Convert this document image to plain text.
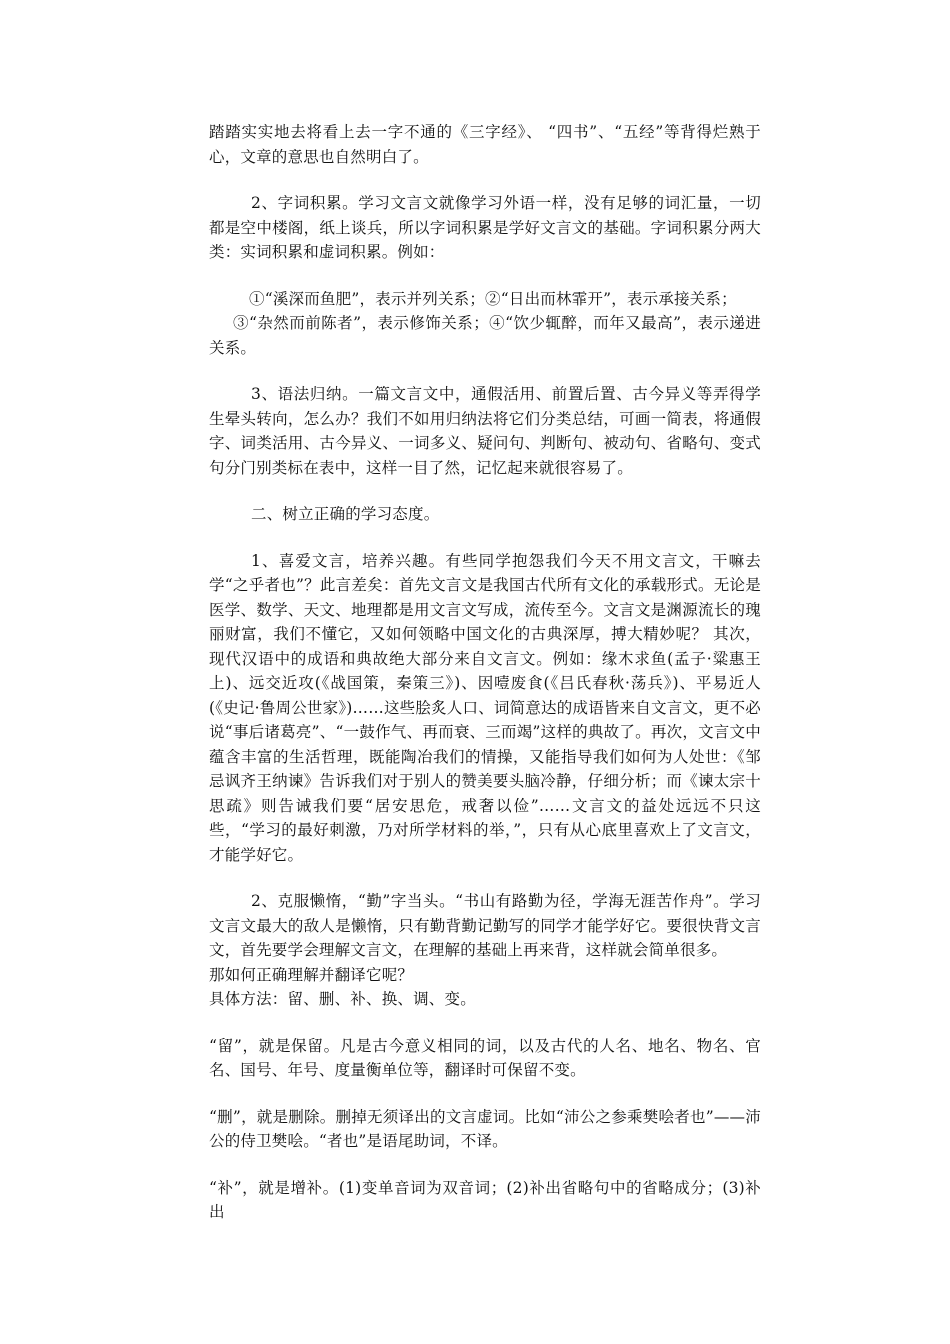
踏踏实实地去将看上去一字不通的《三字经》、 “四书”、“五经”等背得烂熟于心，文章的意思也自然明白了。

2、字词积累。学习文言文就像学习外语一样，没有足够的词汇量，一切都是空中楼阁，纸上谈兵，所以字词积累是学好文言文的基础。字词积累分两大类：实词积累和虚词积累。例如：

①“溪深而鱼肥”，表示并列关系；②“日出而林霏开”，表示承接关系；

③“杂然而前陈者”，表示修饰关系；④“饮少辄醉，而年又最高”，表示递进关系。

3、语法归纳。一篇文言文中，通假活用、前置后置、古今异义等弄得学生晕头转向，怎么办？我们不如用归纳法将它们分类总结，可画一简表，将通假字、词类活用、古今异义、一词多义、疑问句、判断句、被动句、省略句、变式句分门别类标在表中，这样一目了然，记忆起来就很容易了。

二、树立正确的学习态度。

1、喜爱文言，培养兴趣。有些同学抱怨我们今天不用文言文，干嘛去学“之乎者也”？此言差矣：首先文言文是我国古代所有文化的承载形式。无论是医学、数学、天文、地理都是用文言文写成，流传至今。文言文是渊源流长的瑰丽财富，我们不懂它，又如何领略中国文化的古典深厚，搏大精妙呢？ 其次，现代汉语中的成语和典故绝大部分来自文言文。例如：缘木求鱼(孟子·粱惠王上)、远交近攻(《战国策，秦策三》)、因噎废食(《吕氏春秋·荡兵》)、平易近人(《史记·鲁周公世家》)……这些脍炙人口、词简意达的成语皆来自文言文，更不必说“事后诸葛亮”、“一鼓作气、再而衰、三而竭”这样的典故了。再次，文言文中蕴含丰富的生活哲理，既能陶冶我们的情操，又能指导我们如何为人处世：《邹忌讽齐王纳谏》告诉我们对于别人的赞美要头脑冷静，仔细分析；而《谏太宗十思疏》则告诫我们要“居安思危，戒奢以俭”……文言文的益处远远不只这些，“学习的最好刺激，乃对所学材料的举，”，只有从心底里喜欢上了文言文，才能学好它。

2、克服懒惰，“勤”字当头。“书山有路勤为径，学海无涯苦作舟”。学习文言文最大的敌人是懒惰，只有勤背勤记勤写的同学才能学好它。要很快背文言文，首先要学会理解文言文，在理解的基础上再来背，这样就会简单很多。

那如何正确理解并翻译它呢？

具体方法：留、删、补、换、调、变。

“留”，就是保留。凡是古今意义相同的词，以及古代的人名、地名、物名、官名、国号、年号、度量衡单位等，翻译时可保留不变。

“删”，就是删除。删掉无须译出的文言虚词。比如“沛公之参乘樊哙者也”——沛公的侍卫樊哙。“者也”是语尾助词，不译。

“补”，就是增补。(1)变单音词为双音词；(2)补出省略句中的省略成分；(3)补出
